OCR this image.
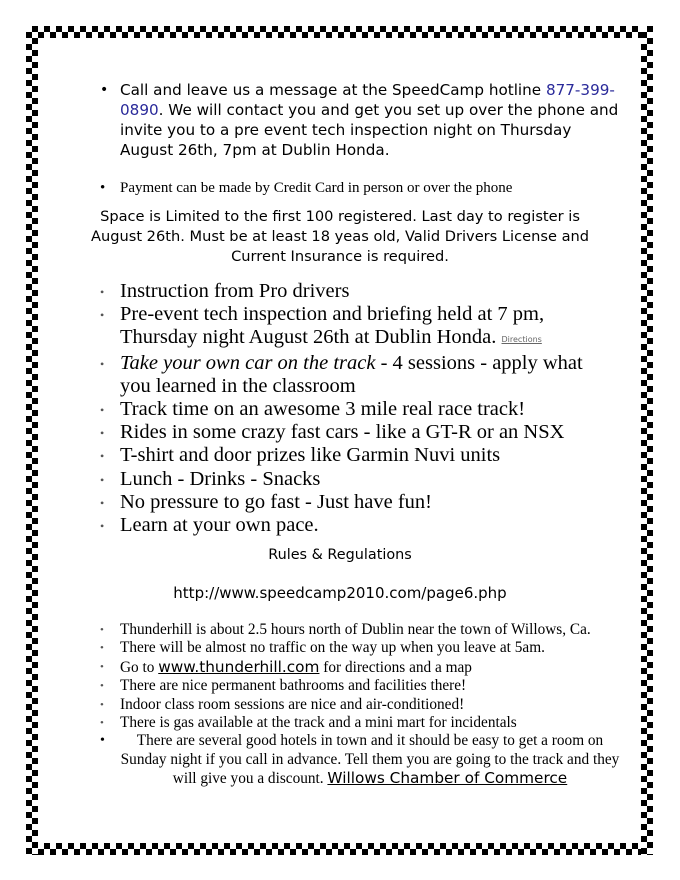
• Call and leave us a message at the SpeedCamp hotline 877-399-0890. We will contact you and get you set up over the phone and invite you to a pre event tech inspection night on Thursday August 26th, 7pm at Dublin Honda.
• Payment can be made by Credit Card in person or over the phone
Space is Limited to the first 100 registered. Last day to register is August 26th. Must be at least 18 yeas old, Valid Drivers License and Current Insurance is required.
• Instruction from Pro drivers
• Pre-event tech inspection and briefing held at 7 pm, Thursday night August 26th at Dublin Honda. Directions
• Take your own car on the track - 4 sessions - apply what you learned in the classroom
• Track time on an awesome 3 mile real race track!
• Rides in some crazy fast cars - like a GT-R or an NSX
• T-shirt and door prizes like Garmin Nuvi units
• Lunch - Drinks - Snacks
• No pressure to go fast - Just have fun!
• Learn at your own pace.
Rules & Regulations
http://www.speedcamp2010.com/page6.php
• Thunderhill is about 2.5 hours north of Dublin near the town of Willows, Ca.
• There will be almost no traffic on the way up when you leave at 5am.
• Go to www.thunderhill.com for directions and a map
• There are nice permanent bathrooms and facilities there!
• Indoor class room sessions are nice and air-conditioned!
• There is gas available at the track and a mini mart for incidentals
• There are several good hotels in town and it should be easy to get a room on Sunday night if you call in advance. Tell them you are going to the track and they will give you a discount. Willows Chamber of Commerce
